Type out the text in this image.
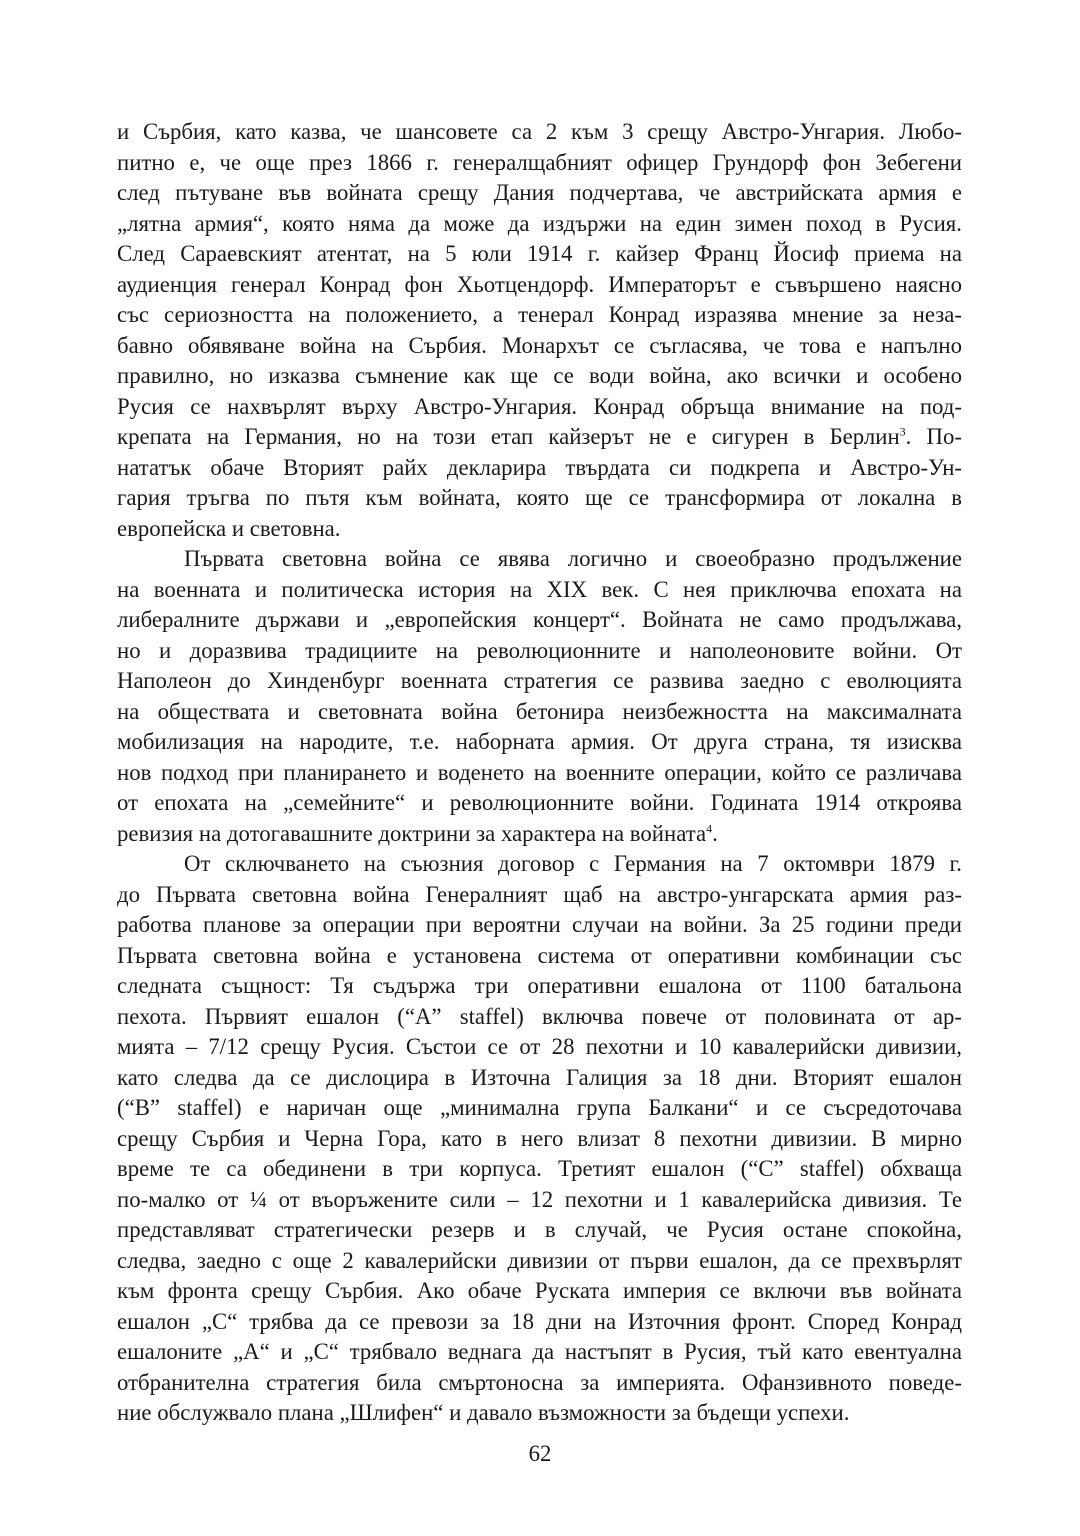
и Сърбия, като казва, че шансовете са 2 към 3 срещу Австро-Унгария. Любо-
питно е, че още през 1866 г. генералщабният офицер Грундорф фон Зебегени
след пътуване във войната срещу Дания подчертава, че австрийската армия е
„лятна армия“, която няма да може да издържи на един зимен поход в Русия.
След Сараевският атентат, на 5 юли 1914 г. кайзер Франц Йосиф приема на
аудиенция генерал Конрад фон Хьотцендорф. Императорът е съвършено наясно
със сериозността на положението, а тенерал Конрад изразява мнение за неза-
бавно обявяване война на Сърбия. Монархът се съгласява, че това е напълно
правилно, но изказва съмнение как ще се води война, ако всички и особено
Русия се нахвърлят върху Австро-Унгария. Конрад обръща внимание на под-
крепата на Германия, но на този етап кайзерът не е сигурен в Берлин$^3$. По-
нататък обаче Вторият райх декларира твърдата си подкрепа и Австро-Ун-
гария тръгва по пътя към войната, която ще се трансформира от локална в
европейска и световна.
Първата световна война се явява логично и своеобразно продължение
на военната и политическа история на XIX век. С нея приключва епохата на
либералните държави и „европейския концерт“. Войната не само продължава,
но и доразвива традициите на революционните и наполеоновите войни. От
Наполеон до Хинденбург военната стратегия се развива заедно с еволюцията
на обществата и световната война бетонира неизбежността на максималната
мобилизация на народите, т.е. наборната армия. От друга страна, тя изисква
нов подход при планирането и воденето на военните операции, който се различава
от епохата на „семейните“ и революционните войни. Годината 1914 откроява
ревизия на дотогавашните доктрини за характера на войната$^4$.
От сключването на съюзния договор с Германия на 7 октомври 1879 г.
до Първата световна война Генералният щаб на австро-унгарската армия раз-
работва планове за операции при вероятни случаи на войни. За 25 години преди
Първата световна война е установена система от оперативни комбинации със
следната същност: Тя съдържа три оперативни ешалона от 1100 батальона
пехота. Първият ешалон (“А” staffel) включва повече от половината от ар-
мията – 7/12 срещу Русия. Състои се от 28 пехотни и 10 кавалерийски дивизии,
като следва да се дислоцира в Източна Галиция за 18 дни. Вторият ешалон
(“В” staffel) е наричан още „минимална група Балкани“ и се съсредоточава
срещу Сърбия и Черна Гора, като в него влизат 8 пехотни дивизии. В мирно
време те са обединени в три корпуса. Третият ешалон (“С” staffel) обхваща
по-малко от ¼ от въоръжените сили – 12 пехотни и 1 кавалерийска дивизия. Те
представляват стратегически резерв и в случай, че Русия остане спокойна,
следва, заедно с още 2 кавалерийски дивизии от първи ешалон, да се прехвърлят
към фронта срещу Сърбия. Ако обаче Руската империя се включи във войната
ешалон „С“ трябва да се превози за 18 дни на Източния фронт. Според Конрад
ешалоните „А“ и „С“ трябвало веднага да настъпят в Русия, тъй като евентуална
отбранителна стратегия била смъртоносна за империята. Офанзивното поведе-
ние обслужвало плана „Шлифен“ и давало възможности за бъдещи успехи.
62
